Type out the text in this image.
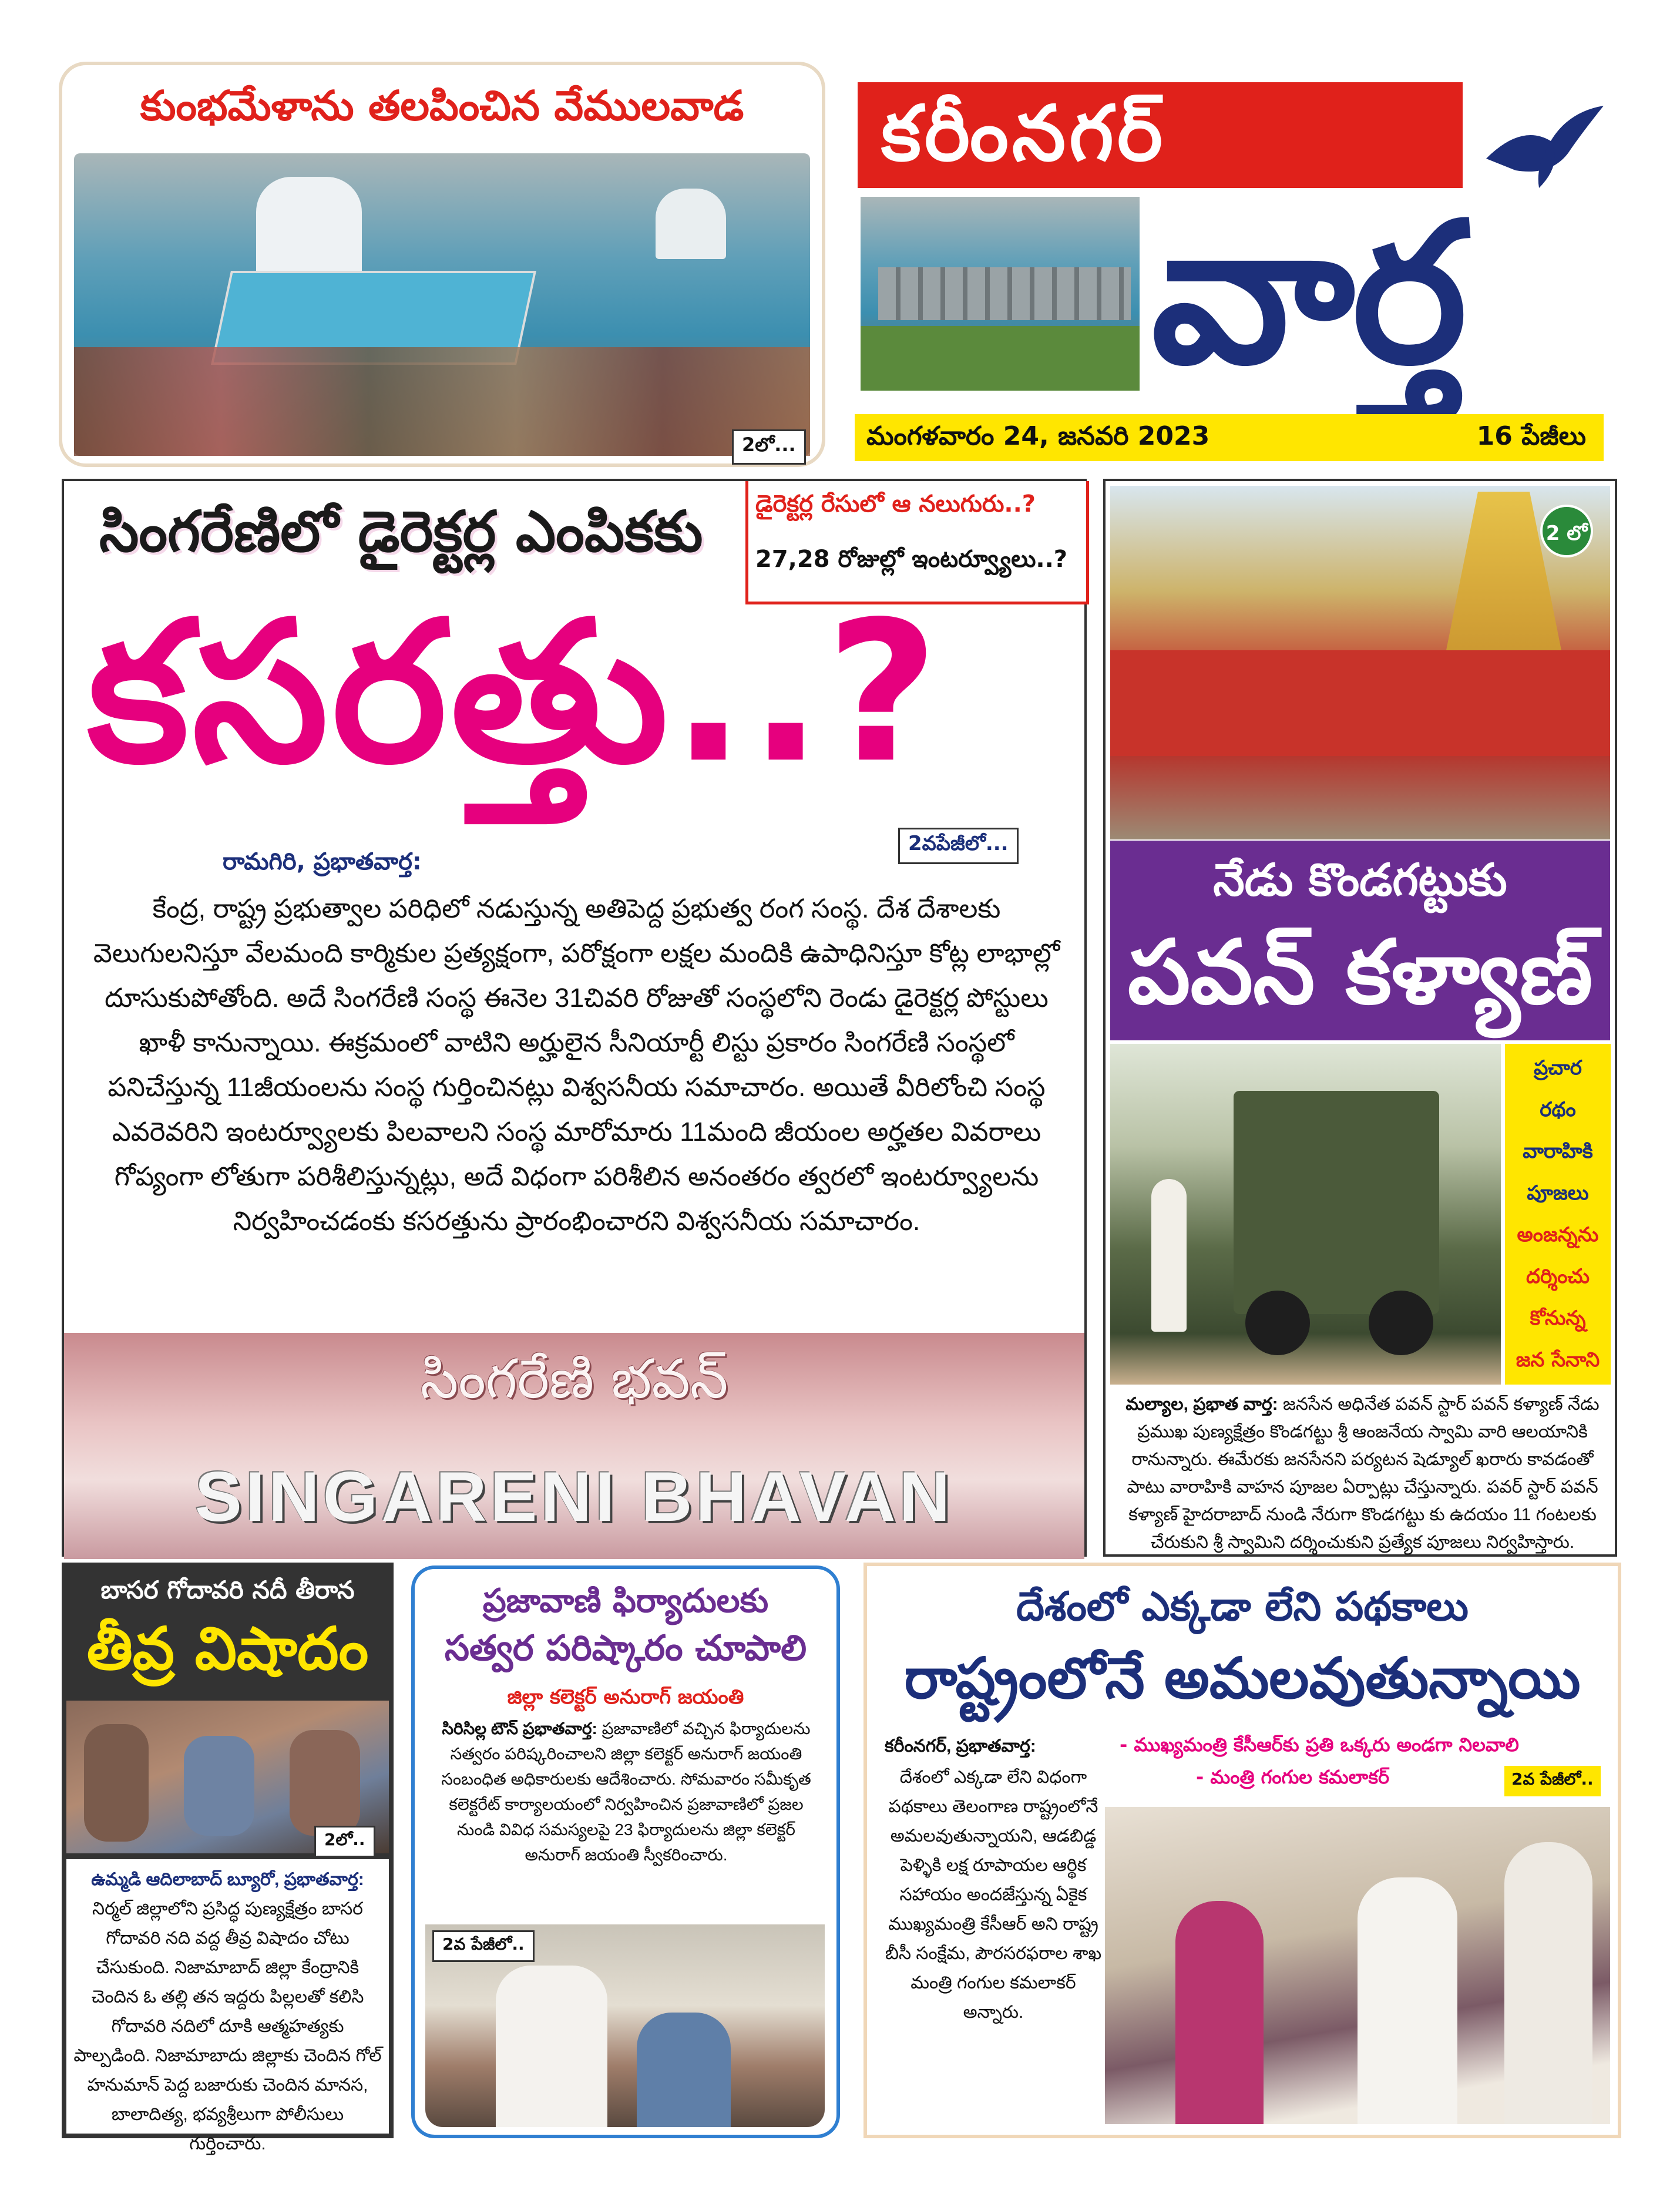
కుంభమేళాను తలపించిన వేములవాడ
2లో...
కరీంనగర్
వార్త
మంగళవారం 24, జనవరి 2023	16 పేజీలు
సింగరేణిలో డైరెక్టర్ల ఎంపికకు డైరెక్టర్ల రేసులో ఆ నలుగురు..?
27,28 రోజుల్లో ఇంటర్వ్యూలు..?
కసరత్తు..?
2వపేజీలో...
రామగిరి, ప్రభాతవార్త:
కేంద్ర, రాష్ట్ర ప్రభుత్వాల పరిధిలో నడుస్తున్న అతిపెద్ద ప్రభుత్వ రంగ సంస్థ. దేశ దేశాలకు వెలుగులనిస్తూ వేలమంది కార్మికుల ప్రత్యక్షంగా, పరోక్షంగా లక్షల మందికి ఉపాధినిస్తూ కోట్ల లాభాల్లో దూసుకుపోతోంది. అదే సింగరేణి సంస్థ ఈనెల 31చివరి రోజుతో సంస్థలోని రెండు డైరెక్టర్ల పోస్టులు ఖాళీ కానున్నాయి. ఈక్రమంలో వాటిని అర్హులైన సీనియార్టీ లిస్టు ప్రకారం సింగరేణి సంస్థలో పనిచేస్తున్న 11జీయంలను సంస్థ గుర్తించినట్లు విశ్వసనీయ సమాచారం. అయితే వీరిలోంచి సంస్థ ఎవరెవరిని ఇంటర్వ్యూలకు పిలవాలని సంస్థ మారోమారు 11మంది జీయంల అర్హతల వివరాలు గోప్యంగా లోతుగా పరిశీలిస్తున్నట్లు, అదే విధంగా పరిశీలిన అనంతరం త్వరలో ఇంటర్వ్యూలను నిర్వహించడంకు కసరత్తును ప్రారంభించారని విశ్వసనీయ సమాచారం.
సింగరేణి భవన్
SINGARENI BHAVAN
2 లో
నేడు కొండగట్టుకు
పవన్ కళ్యాణ్
ప్రచార
రథం
వారాహికి
పూజలు
అంజన్నను
దర్శించు
కోనున్న
జన సేనాని
మల్యాల, ప్రభాత వార్త: జనసేన అధినేత పవన్ స్టార్ పవన్ కళ్యాణ్ నేడు ప్రముఖ పుణ్యక్షేత్రం కొండగట్టు శ్రీ ఆంజనేయ స్వామి వారి ఆలయానికి రానున్నారు. ఈమేరకు జనసేనని పర్యటన షెడ్యూల్ ఖరారు కావడంతో పాటు వారాహికి వాహన పూజల ఏర్పాట్లు చేస్తున్నారు. పవర్ స్టార్ పవన్ కళ్యాణ్ హైదరాబాద్ నుండి నేరుగా కొండగట్టు కు ఉదయం 11 గంటలకు చేరుకుని శ్రీ స్వామిని దర్శించుకుని ప్రత్యేక పూజలు నిర్వహిస్తారు.
బాసర గోదావరి నదీ తీరాన
తీవ్ర విషాదం
2లో..
ఉమ్మడి ఆదిలాబాద్ బ్యూరో, ప్రభాతవార్త: నిర్మల్ జిల్లాలోని ప్రసిద్ధ పుణ్యక్షేత్రం బాసర గోదావరి నది వద్ద తీవ్ర విషాదం చోటు చేసుకుంది. నిజామాబాద్ జిల్లా కేంద్రానికి చెందిన ఓ తల్లి తన ఇద్దరు పిల్లలతో కలిసి గోదావరి నదిలో దూకి ఆత్మహత్యకు పాల్పడింది. నిజామాబాదు జిల్లాకు చెందిన గోల్ హనుమాన్ పెద్ద బజారుకు చెందిన మానస, బాలాదిత్య, భవ్యశ్రీలుగా పోలీసులు గుర్తించారు.
ప్రజావాణి ఫిర్యాదులకు
సత్వర పరిష్కారం చూపాలి
జిల్లా కలెక్టర్ అనురాగ్ జయంతి
సిరిసిల్ల టౌన్ ప్రభాతవార్త: ప్రజావాణిలో వచ్చిన ఫిర్యాదులను సత్వరం పరిష్కరించాలని జిల్లా కలెక్టర్ అనురాగ్ జయంతి సంబంధిత అధికారులకు ఆదేశించారు. సోమవారం సమీకృత కలెక్టరేట్ కార్యాలయంలో నిర్వహించిన ప్రజావాణిలో ప్రజల నుండి వివిధ సమస్యలపై 23 ఫిర్యాదులను జిల్లా కలెక్టర్ అనురాగ్ జయంతి స్వీకరించారు.
2వ పేజీలో..
దేశంలో ఎక్కడా లేని పథకాలు
రాష్ట్రంలోనే అమలవుతున్నాయి
కరీంనగర్, ప్రభాతవార్త:
దేశంలో ఎక్కడా లేని విధంగా పథకాలు తెలంగాణ రాష్ట్రంలోనే అమలవుతున్నాయని, ఆడబిడ్డ పెళ్ళికి లక్ష రూపాయల ఆర్థిక సహాయం అందజేస్తున్న ఏకైక ముఖ్యమంత్రి కేసీఆర్ అని రాష్ట్ర బీసీ సంక్షేమ, పౌరసరఫరాల శాఖ మంత్రి గంగుల కమలాకర్ అన్నారు.
- ముఖ్యమంత్రి కేసీఆర్‌కు ప్రతి ఒక్కరు అండగా నిలవాలి
- మంత్రి గంగుల కమలాకర్	2వ పేజీలో..
